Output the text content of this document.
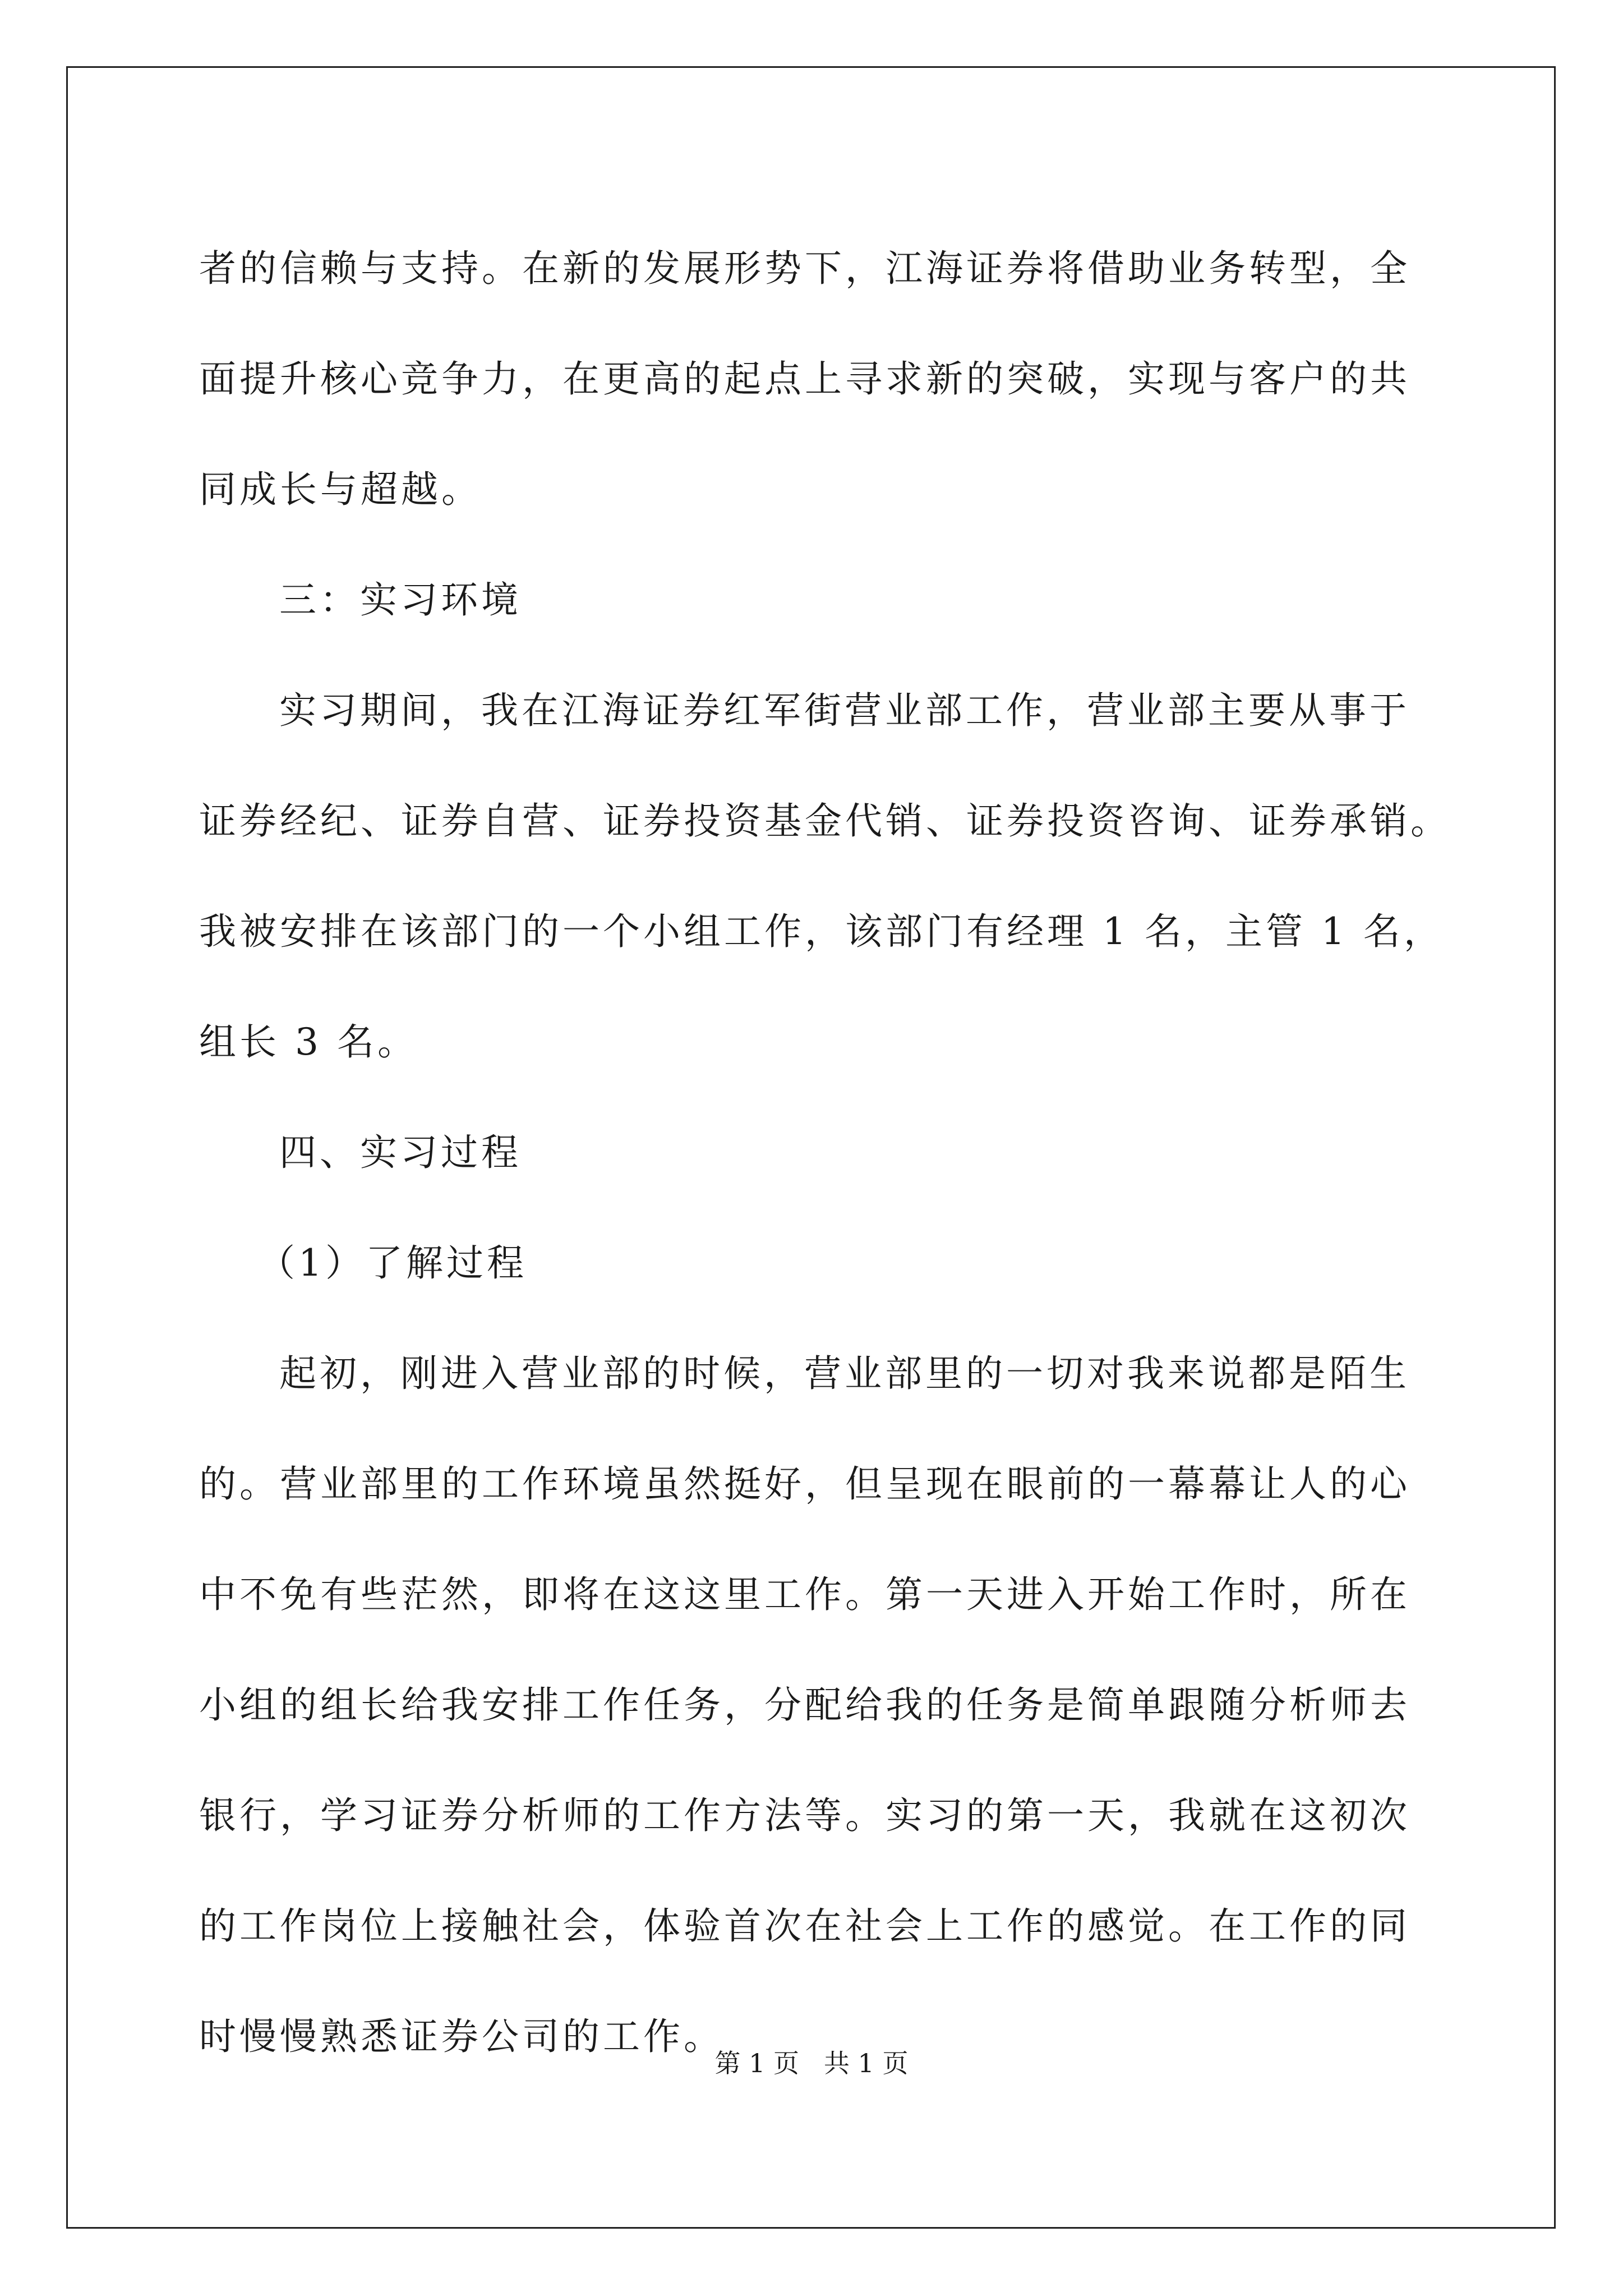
者的信赖与支持。在新的发展形势下，江海证券将借助业务转型，全
面提升核心竞争力，在更高的起点上寻求新的突破，实现与客户的共
同成长与超越。
三：实习环境
实习期间，我在江海证券红军街营业部工作，营业部主要从事于
证券经纪、证券自营、证券投资基金代销、证券投资咨询、证券承销。
我被安排在该部门的一个小组工作，该部门有经理 1 名，主管 1 名，
组长 3 名。
四、实习过程
（1）了解过程
起初，刚进入营业部的时候，营业部里的一切对我来说都是陌生
的。营业部里的工作环境虽然挺好，但呈现在眼前的一幕幕让人的心
中不免有些茫然，即将在这这里工作。第一天进入开始工作时，所在
小组的组长给我安排工作任务，分配给我的任务是简单跟随分析师去
银行，学习证券分析师的工作方法等。实习的第一天，我就在这初次
的工作岗位上接触社会，体验首次在社会上工作的感觉。在工作的同
时慢慢熟悉证券公司的工作。
第 1 页 共 1 页
